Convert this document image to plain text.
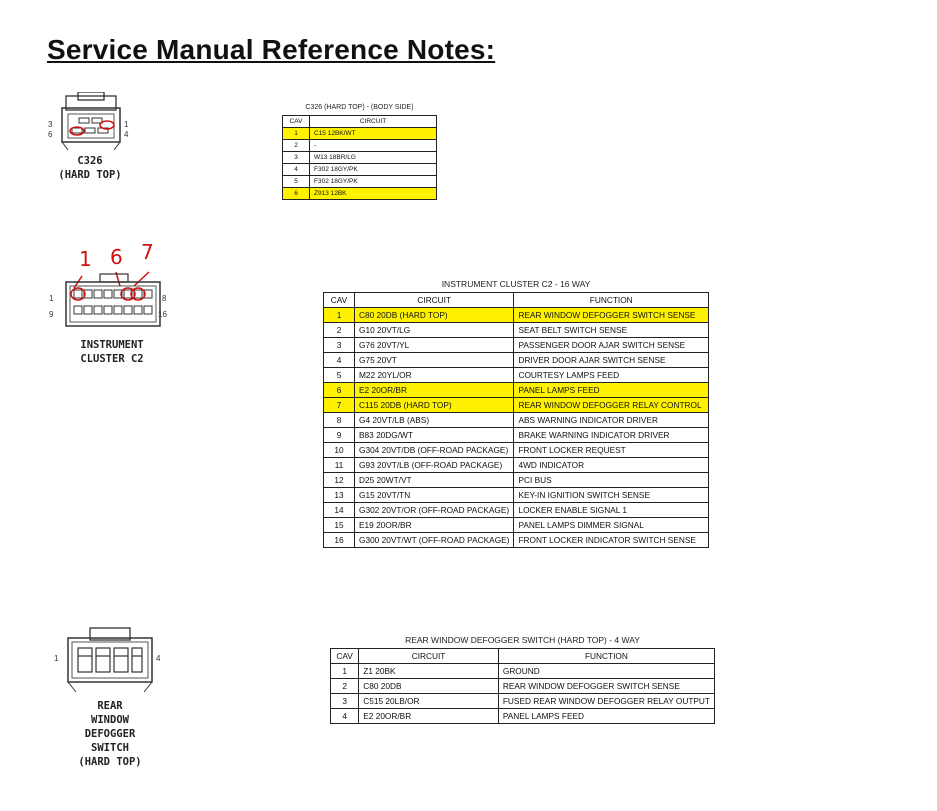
Service Manual Reference Notes:
3
6
1
4
C326
(HARD TOP)
C326 (HARD TOP) - (BODY SIDE)
CAV	CIRCUIT
1	C15 12BK/WT
2	-
3	W13 18BR/LG
4	F302 18GY/PK
5	F302 18GY/PK
6	Z913 12BK
1 6 7
1
9
8
16
INSTRUMENT
CLUSTER C2
INSTRUMENT CLUSTER C2 - 16 WAY
CAV	CIRCUIT	FUNCTION
1	C80 20DB (HARD TOP)	REAR WINDOW DEFOGGER SWITCH SENSE
2	G10 20VT/LG	SEAT BELT SWITCH SENSE
3	G76 20VT/YL	PASSENGER DOOR AJAR SWITCH SENSE
4	G75 20VT	DRIVER DOOR AJAR SWITCH SENSE
5	M22 20YL/OR	COURTESY LAMPS FEED
6	E2 20OR/BR	PANEL LAMPS FEED
7	C115 20DB (HARD TOP)	REAR WINDOW DEFOGGER RELAY CONTROL
8	G4 20VT/LB (ABS)	ABS WARNING INDICATOR DRIVER
9	B83 20DG/WT	BRAKE WARNING INDICATOR DRIVER
10	G304 20VT/DB (OFF-ROAD PACKAGE)	FRONT LOCKER REQUEST
11	G93 20VT/LB (OFF-ROAD PACKAGE)	4WD INDICATOR
12	D25 20WT/VT	PCI BUS
13	G15 20VT/TN	KEY-IN IGNITION SWITCH SENSE
14	G302 20VT/OR (OFF-ROAD PACKAGE)	LOCKER ENABLE SIGNAL 1
15	E19 20OR/BR	PANEL LAMPS DIMMER SIGNAL
16	G300 20VT/WT (OFF-ROAD PACKAGE)	FRONT LOCKER INDICATOR SWITCH SENSE
1	4
REAR
WINDOW
DEFOGGER
SWITCH
(HARD TOP)
REAR WINDOW DEFOGGER SWITCH (HARD TOP) - 4 WAY
CAV	CIRCUIT	FUNCTION
1	Z1 20BK	GROUND
2	C80 20DB	REAR WINDOW DEFOGGER SWITCH SENSE
3	C515 20LB/OR	FUSED REAR WINDOW DEFOGGER RELAY OUTPUT
4	E2 20OR/BR	PANEL LAMPS FEED
